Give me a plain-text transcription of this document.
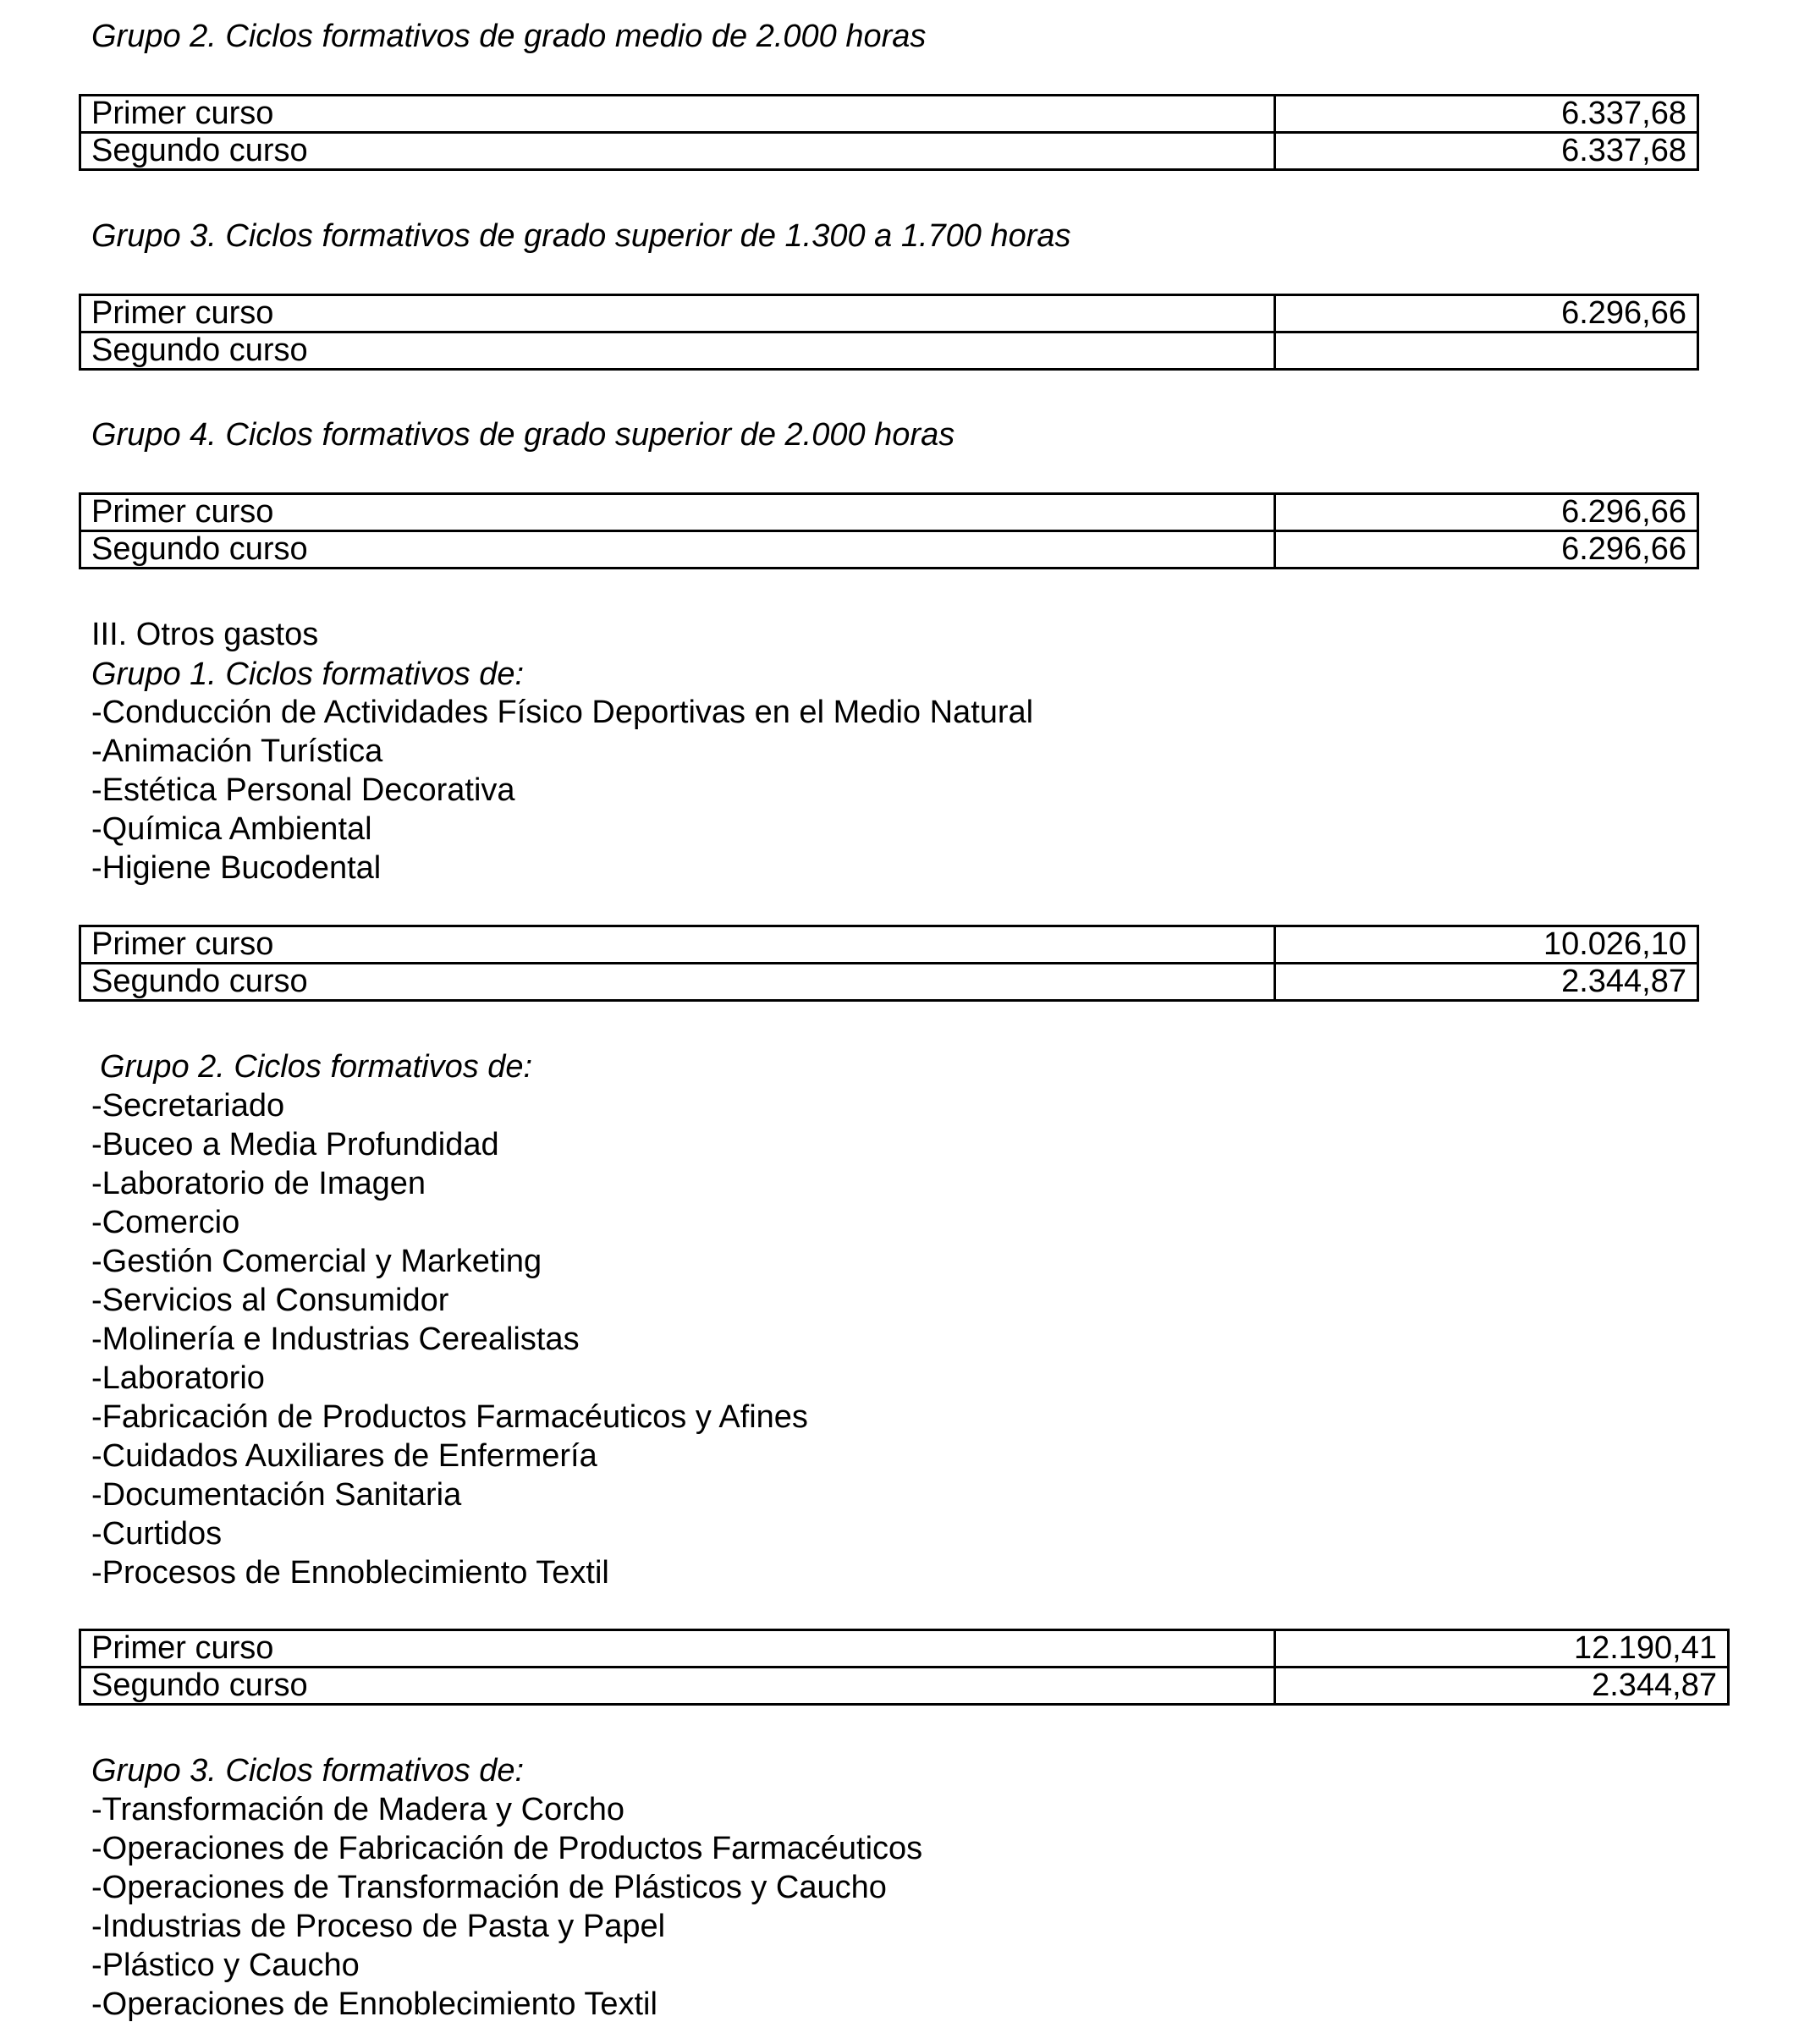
Grupo 2. Ciclos formativos de grado medio de 2.000 horas

Primer curso	6.337,68
Segundo curso	6.337,68

Grupo 3. Ciclos formativos de grado superior de 1.300 a 1.700 horas

Primer curso	6.296,66
Segundo curso	

Grupo 4. Ciclos formativos de grado superior de 2.000 horas

Primer curso	6.296,66
Segundo curso	6.296,66

III. Otros gastos

Grupo 1. Ciclos formativos de:

- Conducción de Actividades Físico Deportivas en el Medio Natural
- Animación Turística
- Estética Personal Decorativa
- Química Ambiental
- Higiene Bucodental
Primer curso	10.026,10
Segundo curso	2.344,87

Grupo 2. Ciclos formativos de:

- Secretariado
- Buceo a Media Profundidad
- Laboratorio de Imagen
- Comercio
- Gestión Comercial y Marketing
- Servicios al Consumidor
- Molinería e Industrias Cerealistas
- Laboratorio
- Fabricación de Productos Farmacéuticos y Afines
- Cuidados Auxiliares de Enfermería
- Documentación Sanitaria
- Curtidos
- Procesos de Ennoblecimiento Textil
Primer curso	12.190,41
Segundo curso	2.344,87

Grupo 3. Ciclos formativos de:

- Transformación de Madera y Corcho
- Operaciones de Fabricación de Productos Farmacéuticos
- Operaciones de Transformación de Plásticos y Caucho
- Industrias de Proceso de Pasta y Papel
- Plástico y Caucho
- Operaciones de Ennoblecimiento Textil
